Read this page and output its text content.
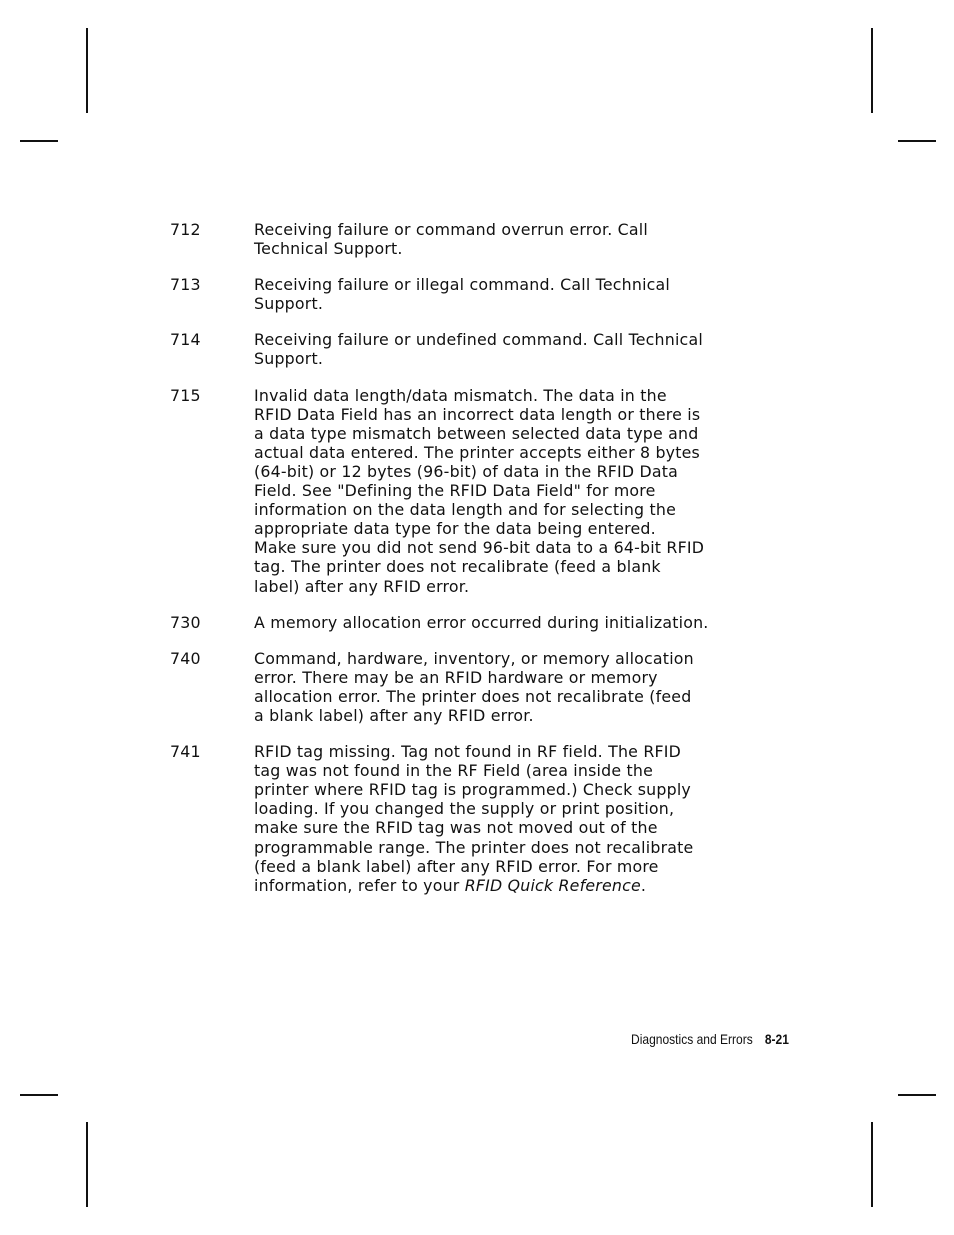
712	Receiving failure or command overrun error. Call
Technical Support.
713	Receiving failure or illegal command. Call Technical
Support.
714	Receiving failure or undefined command. Call Technical
Support.
715	Invalid data length/data mismatch. The data in the
RFID Data Field has an incorrect data length or there is
a data type mismatch between selected data type and
actual data entered. The printer accepts either 8 bytes
(64-bit) or 12 bytes (96-bit) of data in the RFID Data
Field. See "Defining the RFID Data Field" for more
information on the data length and for selecting the
appropriate data type for the data being entered.
Make sure you did not send 96-bit data to a 64-bit RFID
tag. The printer does not recalibrate (feed a blank
label) after any RFID error.
730	A memory allocation error occurred during initialization.
740	Command, hardware, inventory, or memory allocation
error. There may be an RFID hardware or memory
allocation error. The printer does not recalibrate (feed
a blank label) after any RFID error.
741	RFID tag missing. Tag not found in RF field. The RFID
tag was not found in the RF Field (area inside the
printer where RFID tag is programmed.) Check supply
loading. If you changed the supply or print position,
make sure the RFID tag was not moved out of the
programmable range. The printer does not recalibrate
(feed a blank label) after any RFID error. For more
information, refer to your RFID Quick Reference.
Diagnostics and Errors 8-21
